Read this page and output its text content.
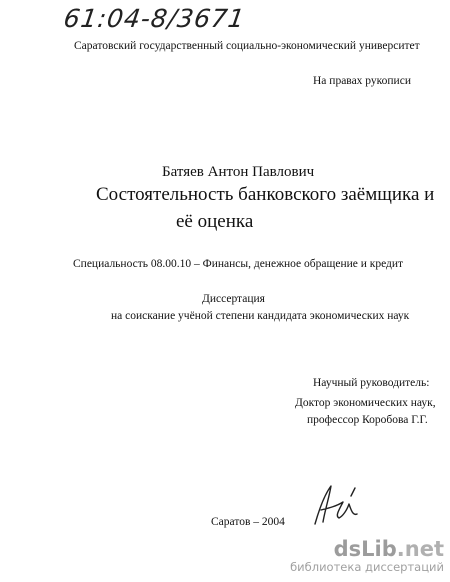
61:04-8/3671
Саратовский государственный социально-экономический университет
На правах рукописи
Батяев Антон Павлович
Состоятельность банковского заёмщика и
её оценка
Специальность 08.00.10 – Финансы, денежное обращение и кредит
Диссертация
на соискание учёной степени кандидата экономических наук
Научный руководитель:
Доктор экономических наук,
профессор Коробова Г.Г.
Саратов – 2004
dsLib.net
библиотека диссертаций
